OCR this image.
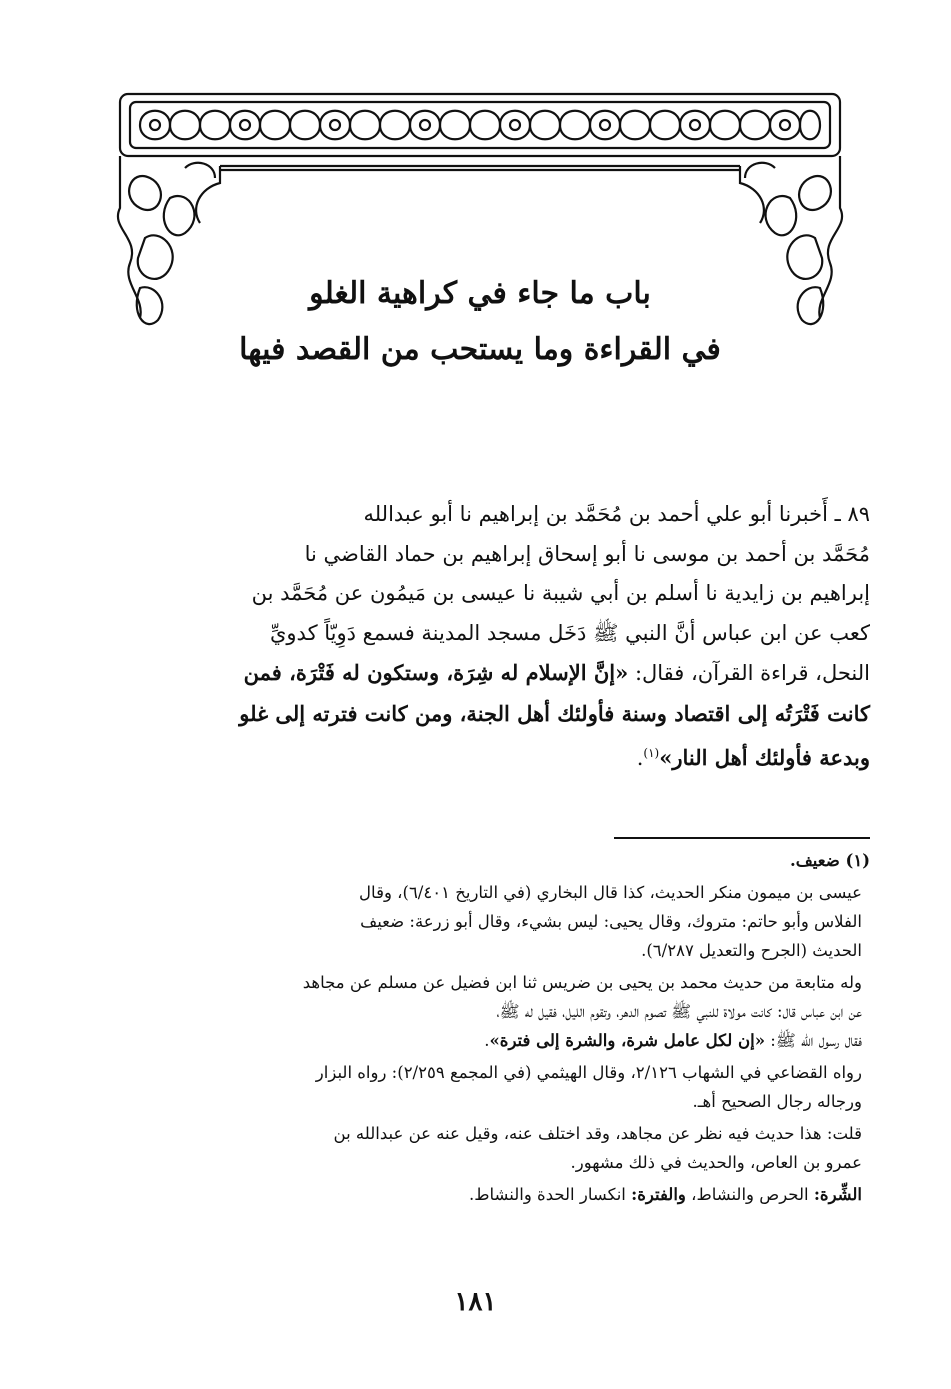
باب ما جاء في كراهية الغلو
في القراءة وما يستحب من القصد فيها
٨٩ ـ أَخبرنا أبو علي أحمد بن مُحَمَّد بن إبراهيم نا أبو عبدالله
مُحَمَّد بن أحمد بن موسى نا أبو إسحاق إبراهيم بن حماد القاضي نا
إبراهيم بن زايدية نا أسلم بن أبي شيبة نا عيسى بن مَيمُون عن مُحَمَّد بن
كعب عن ابن عباس أنَّ النبي ﷺ دَخَل مسجد المدينة فسمع دَوِيّاً كدويِّ
النحل، قراءة القرآن، فقال: «إنَّ الإسلام له شِرَة، وستكون له فَتْرَة، فمن
كانت فَتْرَتُه إلى اقتصاد وسنة فأولئك أهل الجنة، ومن كانت فترته إلى غلو
وبدعة فأولئك أهل النار»$^{(١)}$.
(١) ضعيف.
عيسى بن ميمون منكر الحديث، كذا قال البخاري (في التاريخ ٦/٤٠١)، وقال
الفلاس وأبو حاتم: متروك، وقال يحيى: ليس بشيء، وقال أبو زرعة: ضعيف
الحديث (الجرح والتعديل ٦/٢٨٧).
وله متابعة من حديث محمد بن يحيى بن ضريس ثنا ابن فضيل عن مسلم عن مجاهد
عن ابن عباس قال: كانت مولاة للنبي ﷺ تصوم الدهر، وتقوم الليل، فقيل له ﷺ،
فقال رسول الله ﷺ: «إن لكل عامل شرة، والشرة إلى فترة».
رواه القضاعي في الشهاب ٢/١٢٦، وقال الهيثمي (في المجمع ٢/٢٥٩): رواه البزار
ورجاله رجال الصحيح أهـ.
قلت: هذا حديث فيه نظر عن مجاهد، وقد اختلف عنه، وقيل عنه عن عبدالله بن
عمرو بن العاص، والحديث في ذلك مشهور.
الشِّرة: الحرص والنشاط، والفترة: انكسار الحدة والنشاط.
١٨١
